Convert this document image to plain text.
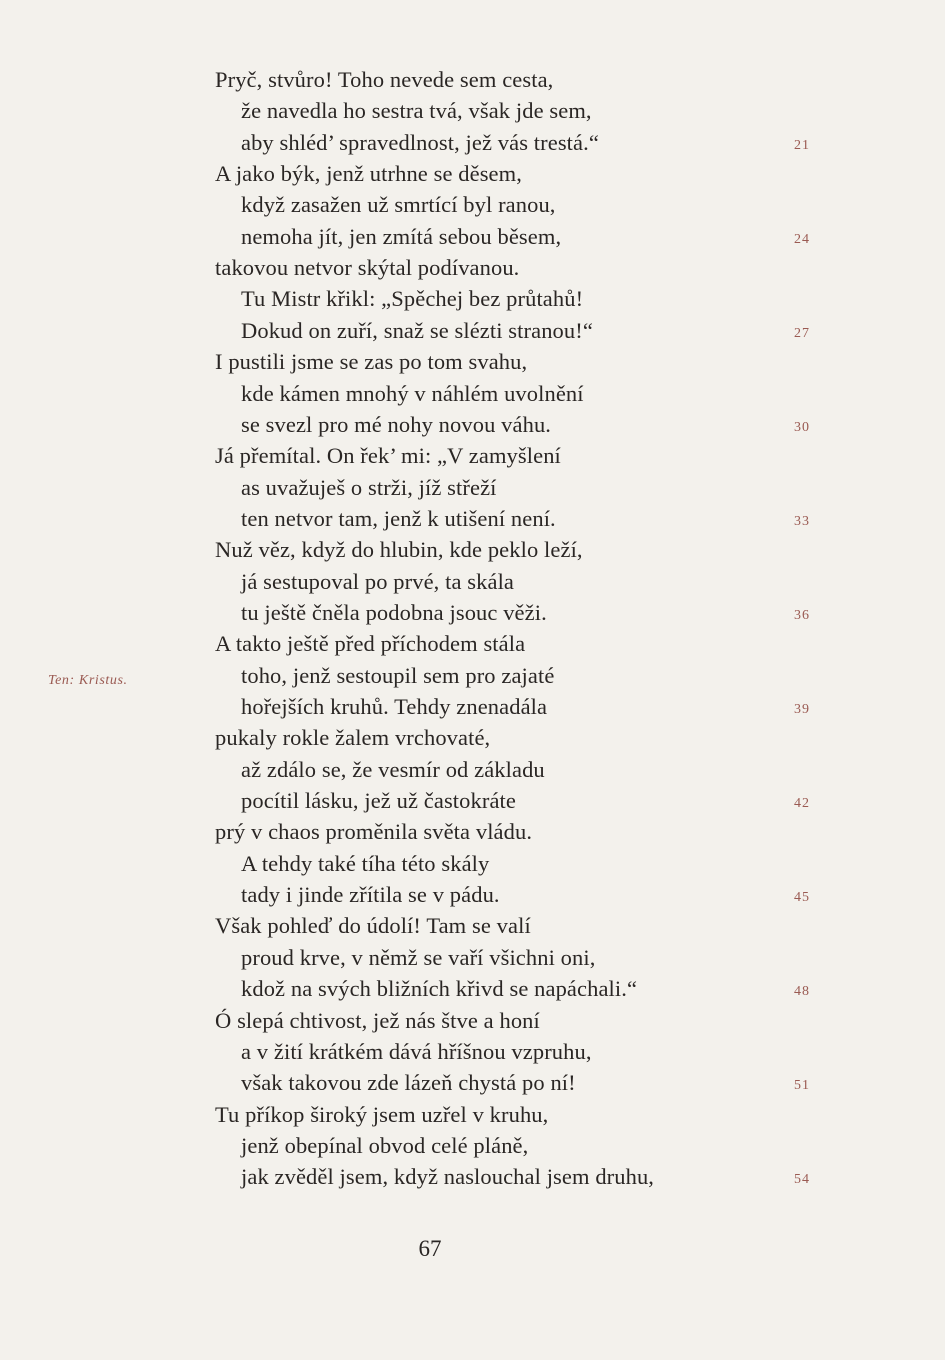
Pryč, stvůro! Toho nevede sem cesta,
že navedla ho sestra tvá, však jde sem,
aby shléd’ spravedlnost, jež vás trestá.“	21
A jako býk, jenž utrhne se děsem,
když zasažen už smrtící byl ranou,
nemoha jít, jen zmítá sebou běsem,	24
takovou netvor skýtal podívanou.
Tu Mistr křikl: „Spěchej bez průtahů!
Dokud on zuří, snaž se slézti stranou!“	27
I pustili jsme se zas po tom svahu,
kde kámen mnohý v náhlém uvolnění
se svezl pro mé nohy novou váhu.	30
Já přemítal. On řek’ mi: „V zamyšlení
as uvažuješ o strži, jíž střeží
ten netvor tam, jenž k utišení není.	33
Nuž věz, když do hlubin, kde peklo leží,
já sestupoval po prvé, ta skála
tu ještě čněla podobna jsouc věži.	36
A takto ještě před příchodem stála
toho, jenž sestoupil sem pro zajaté
hořejších kruhů. Tehdy znenadála	39
pukaly rokle žalem vrchovaté,
až zdálo se, že vesmír od základu
pocítil lásku, jež už častokráte	42
prý v chaos proměnila světa vládu.
A tehdy také tíha této skály
tady i jinde zřítila se v pádu.	45
Však pohleď do údolí! Tam se valí
proud krve, v němž se vaří všichni oni,
kdož na svých bližních křivd se napáchali.“	48
Ó slepá chtivost, jež nás štve a honí
a v žití krátkém dává hříšnou vzpruhu,
však takovou zde lázeň chystá po ní!	51
Tu příkop široký jsem uzřel v kruhu,
jenž obepínal obvod celé pláně,
jak zvěděl jsem, když naslouchal jsem druhu,	54
Ten: Kristus.
67
